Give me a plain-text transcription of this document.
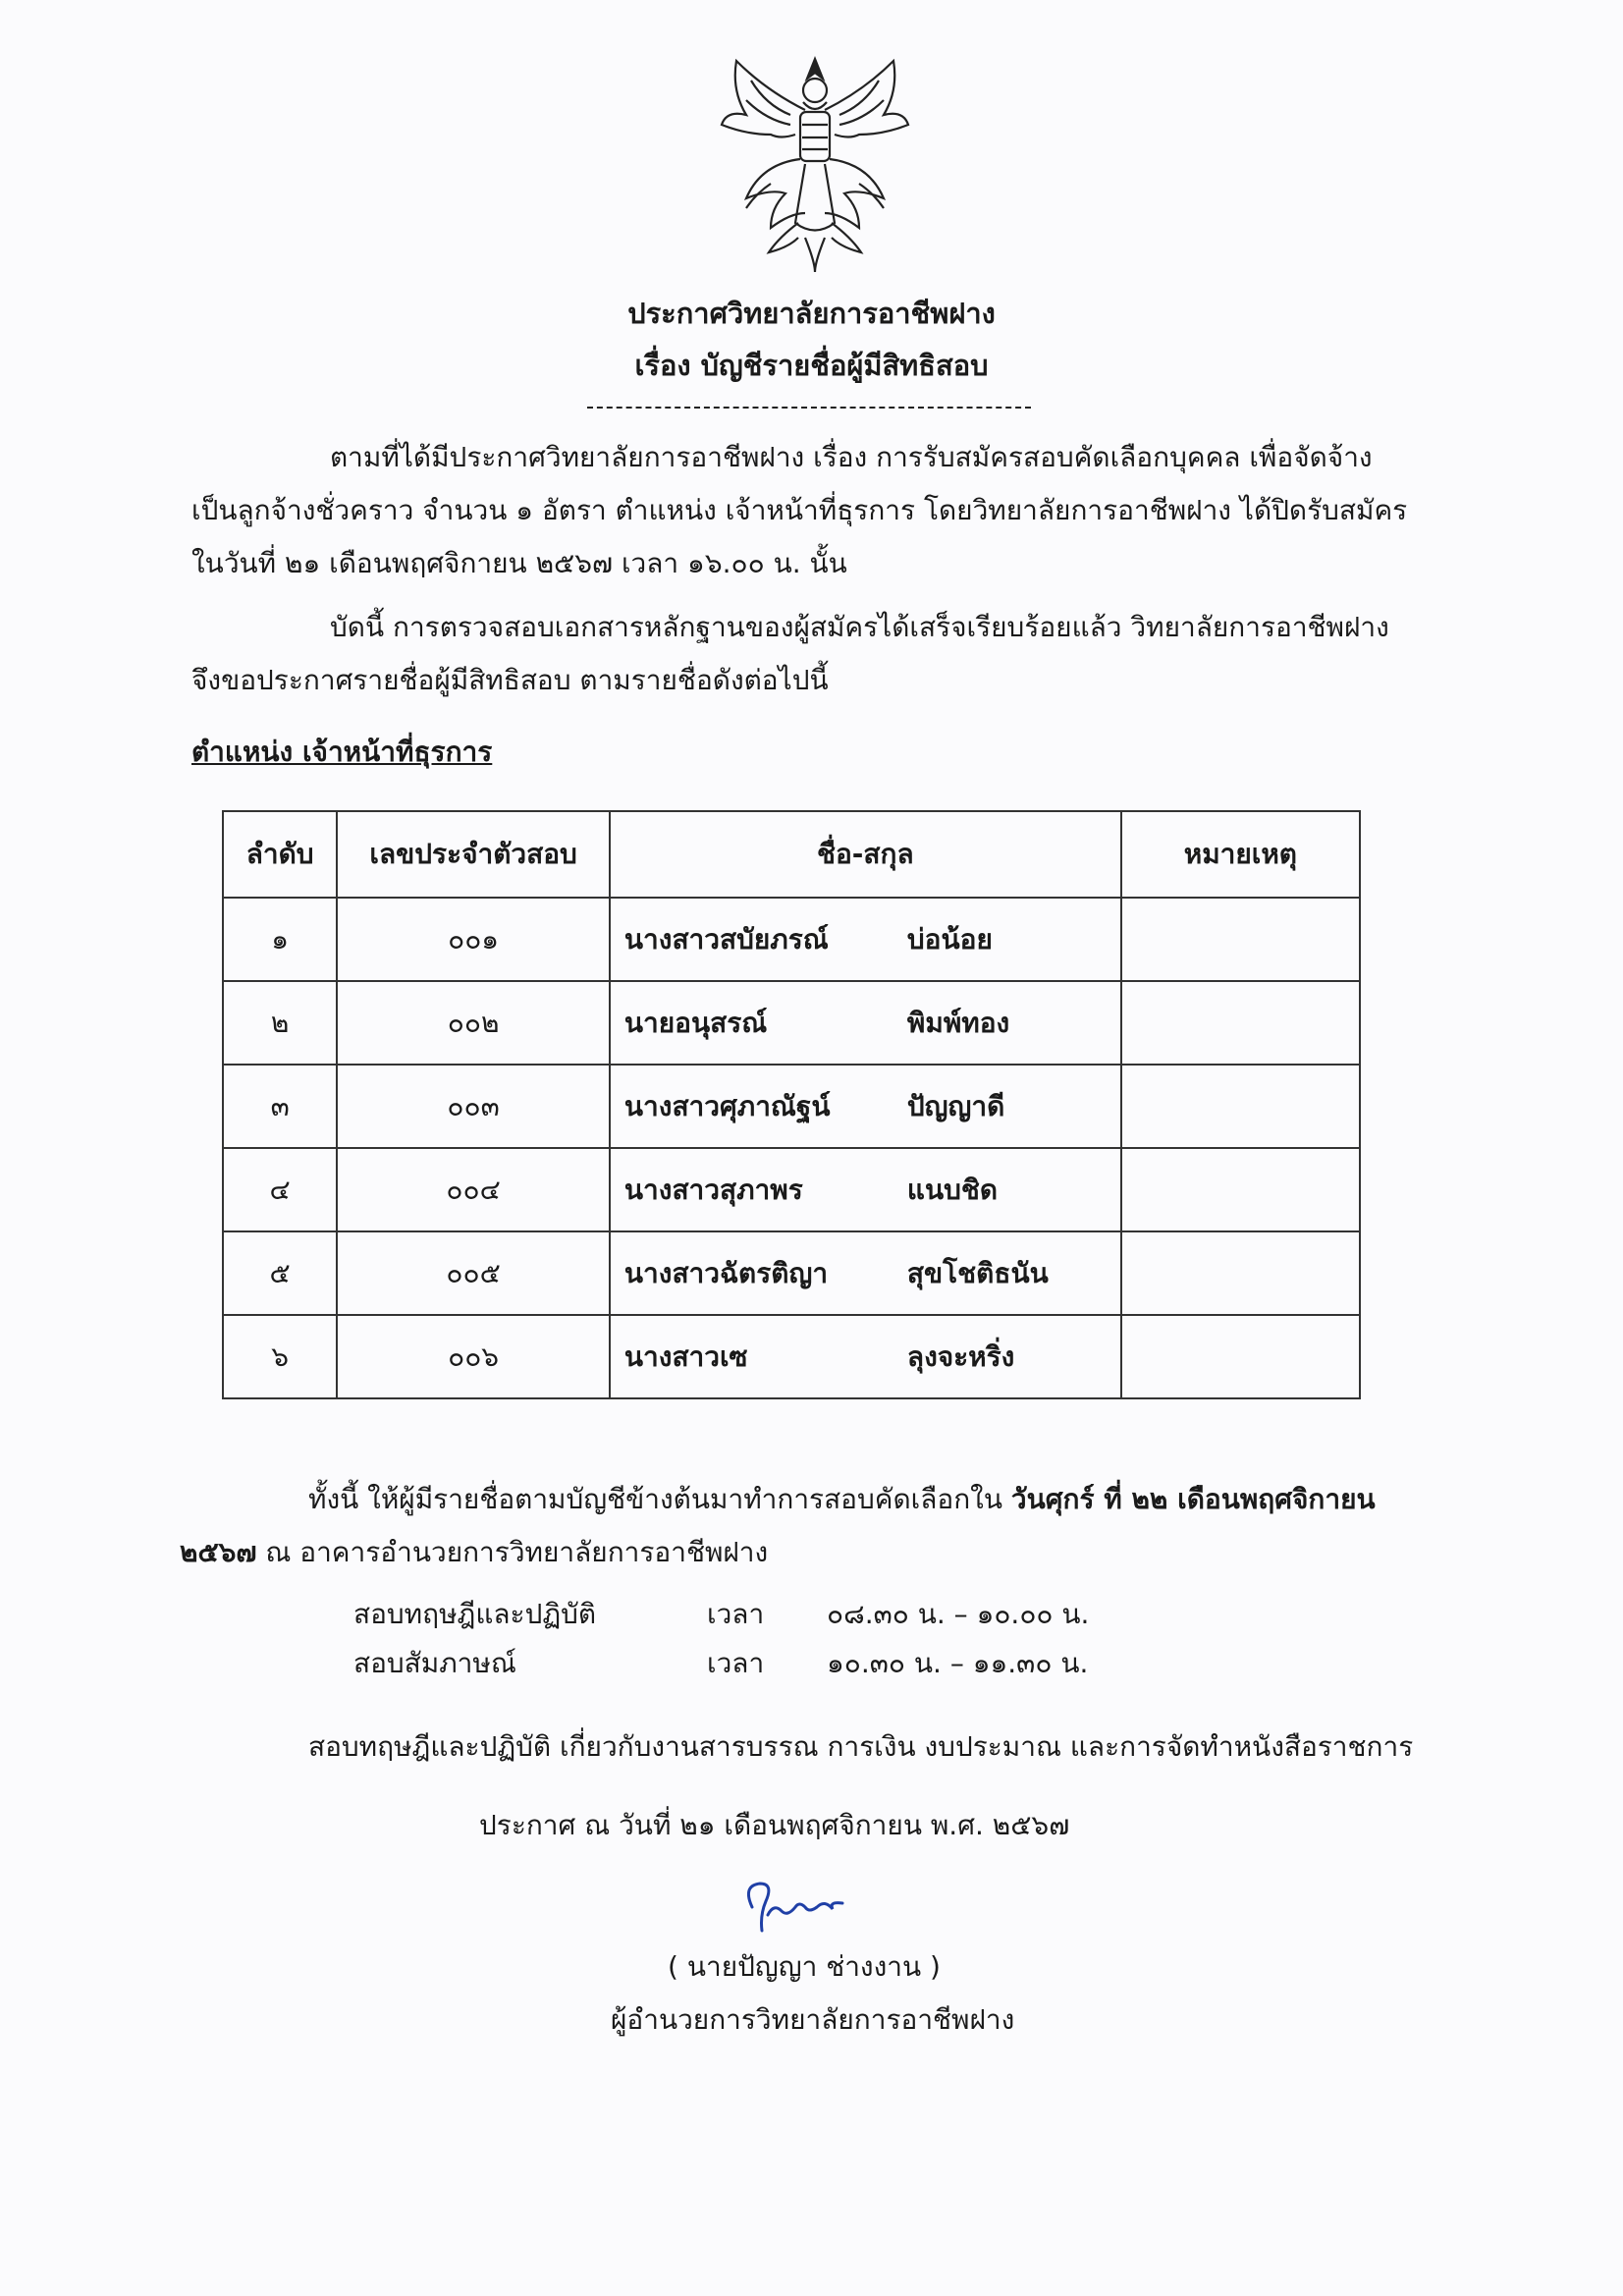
ประกาศวิทยาลัยการอาชีพฝาง
เรื่อง บัญชีรายชื่อผู้มีสิทธิสอบ
ตามที่ได้มีประกาศวิทยาลัยการอาชีพฝาง เรื่อง การรับสมัครสอบคัดเลือกบุคคล เพื่อจัดจ้าง
เป็นลูกจ้างชั่วคราว จำนวน ๑ อัตรา ตำแหน่ง เจ้าหน้าที่ธุรการ โดยวิทยาลัยการอาชีพฝาง ได้ปิดรับสมัคร
ในวันที่ ๒๑ เดือนพฤศจิกายน ๒๕๖๗ เวลา ๑๖.๐๐ น. นั้น
บัดนี้ การตรวจสอบเอกสารหลักฐานของผู้สมัครได้เสร็จเรียบร้อยแล้ว วิทยาลัยการอาชีพฝาง
จึงขอประกาศรายชื่อผู้มีสิทธิสอบ ตามรายชื่อดังต่อไปนี้
ตำแหน่ง เจ้าหน้าที่ธุรการ
ลำดับ	เลขประจำตัวสอบ	ชื่อ-สกุล	หมายเหตุ
๑	๐๐๑	นางสาวสบัยภรณ์ บ่อน้อย	
๒	๐๐๒	นายอนุสรณ์ พิมพ์ทอง	
๓	๐๐๓	นางสาวศุภาณัฐน์ ปัญญาดี	
๔	๐๐๔	นางสาวสุภาพร แนบชิด	
๕	๐๐๕	นางสาวฉัตรติญา สุขโชติธนัน	
๖	๐๐๖	นางสาวเซ ลุงจะหริ่ง	
ทั้งนี้ ให้ผู้มีรายชื่อตามบัญชีข้างต้นมาทำการสอบคัดเลือกใน วันศุกร์ ที่ ๒๒ เดือนพฤศจิกายน
๒๕๖๗ ณ อาคารอำนวยการวิทยาลัยการอาชีพฝาง
สอบทฤษฎีและปฏิบัติ	เวลา ๐๘.๓๐ น. – ๑๐.๐๐ น.
สอบสัมภาษณ์	เวลา ๑๐.๓๐ น. – ๑๑.๓๐ น.
สอบทฤษฎีและปฏิบัติ เกี่ยวกับงานสารบรรณ การเงิน งบประมาณ และการจัดทำหนังสือราชการ
ประกาศ ณ วันที่ ๒๑ เดือนพฤศจิกายน พ.ศ. ๒๕๖๗
( นายปัญญา ช่างงาน )
ผู้อำนวยการวิทยาลัยการอาชีพฝาง
